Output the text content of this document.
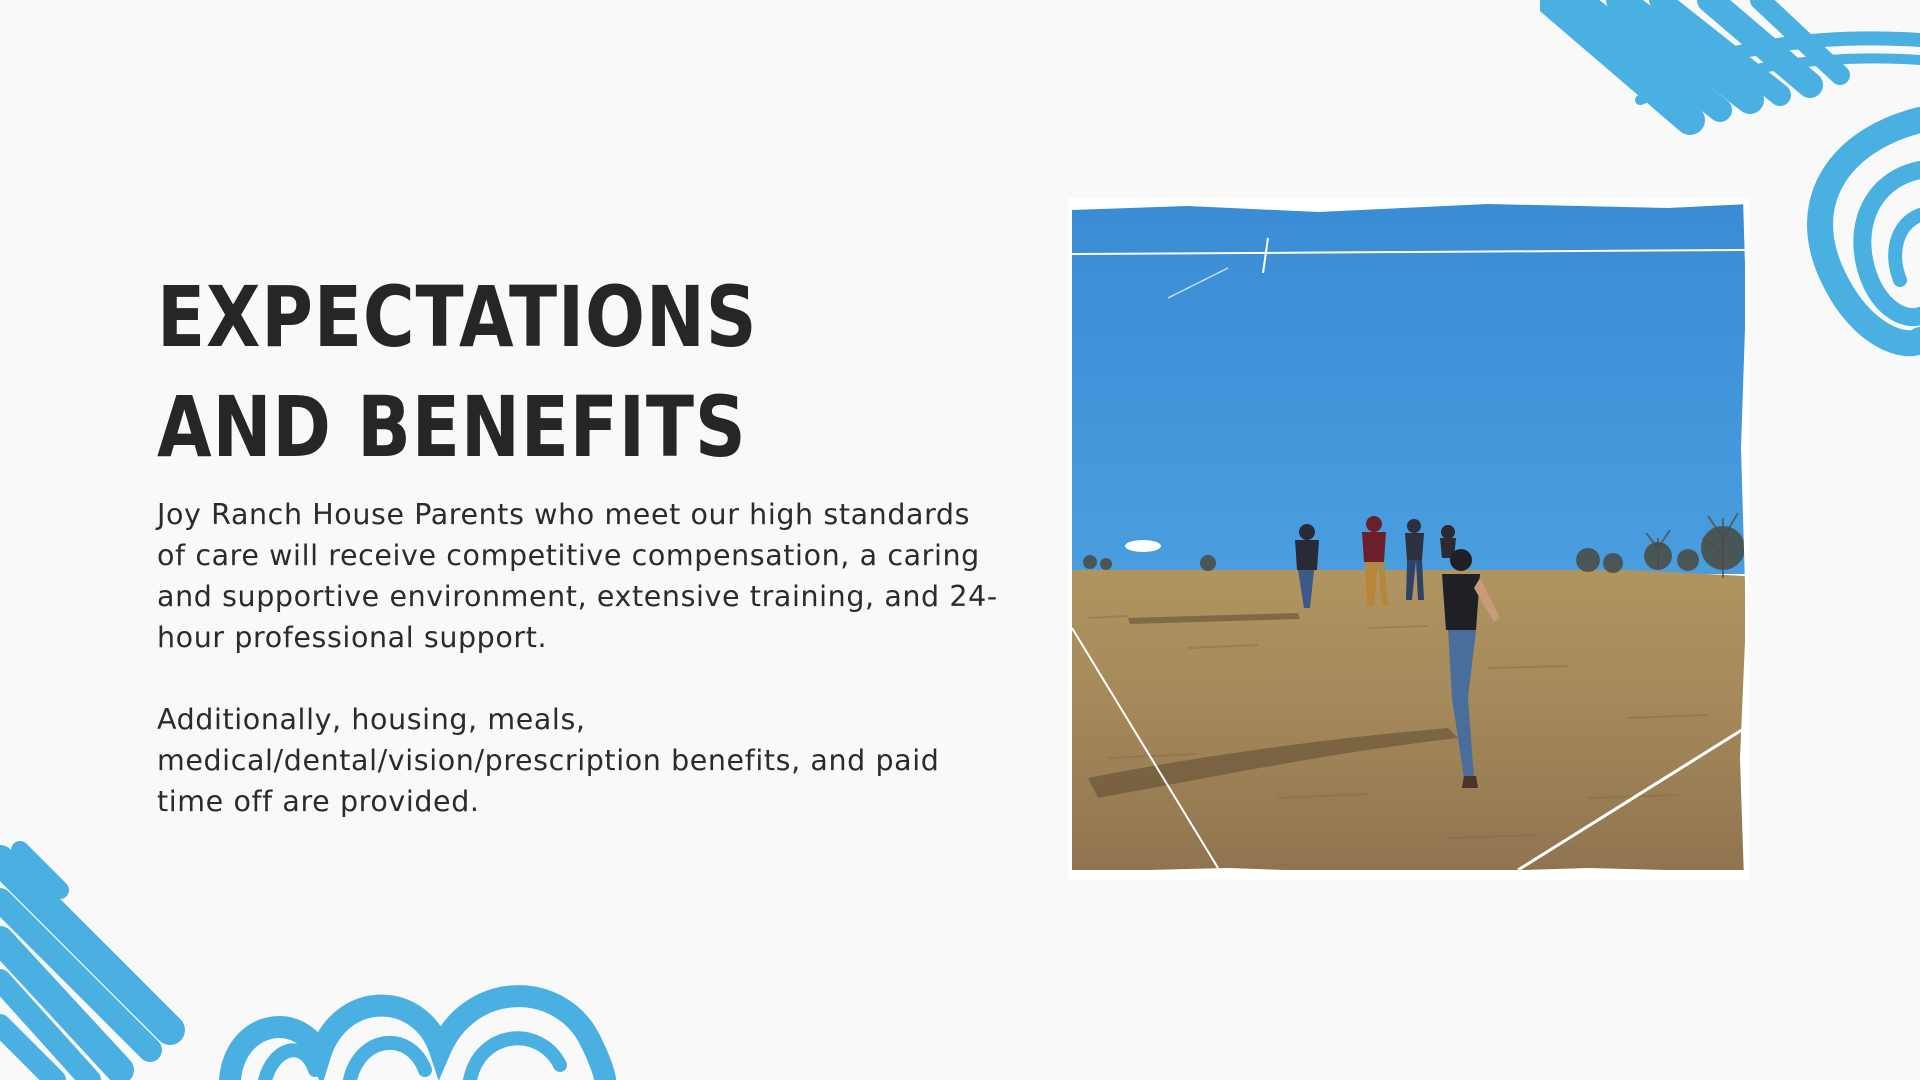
EXPECTATIONS AND BENEFITS

Joy Ranch House Parents who meet our high standards of care will receive competitive compensation, a caring and supportive environment, extensive training, and 24-hour professional support.

Additionally, housing, meals, medical/dental/vision/prescription benefits, and paid time off are provided.
